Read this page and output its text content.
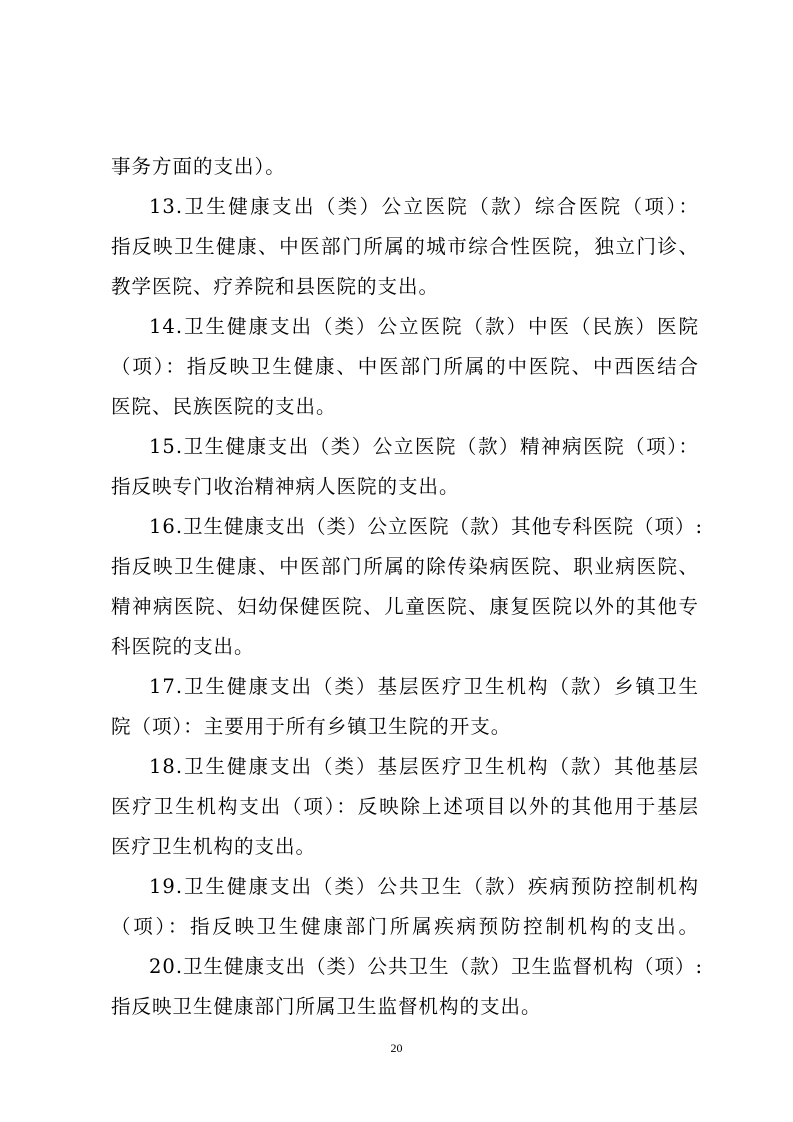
事务方面的支出）。
13.卫生健康支出（类）公立医院（款）综合医院（项）：
指反映卫生健康、中医部门所属的城市综合性医院，独立门诊、
教学医院、疗养院和县医院的支出。
14.卫生健康支出（类）公立医院（款）中医（民族）医院
（项）：指反映卫生健康、中医部门所属的中医院、中西医结合
医院、民族医院的支出。
15.卫生健康支出（类）公立医院（款）精神病医院（项）：
指反映专门收治精神病人医院的支出。
16.卫生健康支出（类）公立医院（款）其他专科医院（项）:
指反映卫生健康、中医部门所属的除传染病医院、职业病医院、
精神病医院、妇幼保健医院、儿童医院、康复医院以外的其他专
科医院的支出。
17.卫生健康支出（类）基层医疗卫生机构（款）乡镇卫生
院（项）：主要用于所有乡镇卫生院的开支。
18.卫生健康支出（类）基层医疗卫生机构（款）其他基层
医疗卫生机构支出（项）：反映除上述项目以外的其他用于基层
医疗卫生机构的支出。
19.卫生健康支出（类）公共卫生（款）疾病预防控制机构
（项）：指反映卫生健康部门所属疾病预防控制机构的支出。
20.卫生健康支出（类）公共卫生（款）卫生监督机构（项）:
指反映卫生健康部门所属卫生监督机构的支出。
20
